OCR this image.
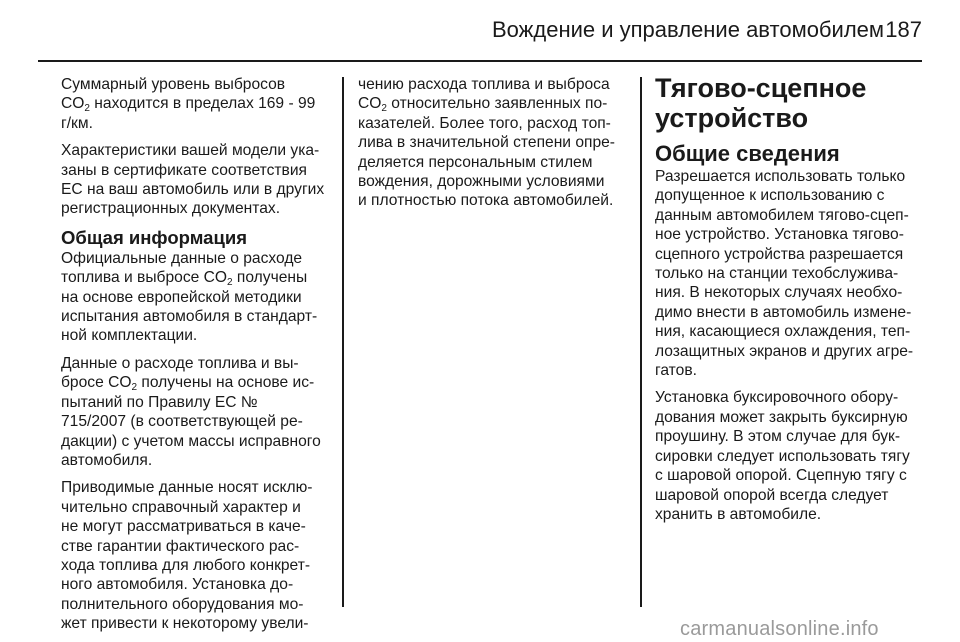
Вождение и управление автомобилем 187

Суммарный уровень выбросов
$CO_2$ находится в пределах 169 - 99
г/км.

Характеристики вашей модели ука-
заны в сертификате соответствия
ЕС на ваш автомобиль или в других
регистрационных документах.

Общая информация

Официальные данные о расходе
топлива и выбросе $CO_2$ получены
на основе европейской методики
испытания автомобиля в стандарт-
ной комплектации.

Данные о расходе топлива и вы-
бросе $CO_2$ получены на основе ис-
пытаний по Правилу ЕС №
715/2007 (в соответствующей ре-
дакции) с учетом массы исправного
автомобиля.

Приводимые данные носят исклю-
чительно справочный характер и
не могут рассматриваться в каче-
стве гарантии фактического рас-
хода топлива для любого конкрет-
ного автомобиля. Установка до-
полнительного оборудования мо-
жет привести к некоторому увели-

чению расхода топлива и выброса
$CO_2$ относительно заявленных по-
казателей. Более того, расход топ-
лива в значительной степени опре-
деляется персональным стилем
вождения, дорожными условиями
и плотностью потока автомобилей.

Тягово-сцепное
устройство
Общие сведения

Разрешается использовать только
допущенное к использованию с
данным автомобилем тягово-сцеп-
ное устройство. Установка тягово-
сцепного устройства разрешается
только на станции техобслужива-
ния. В некоторых случаях необхо-
димо внести в автомобиль измене-
ния, касающиеся охлаждения, теп-
лозащитных экранов и других агре-
гатов.

Установка буксировочного обору-
дования может закрыть буксирную
проушину. В этом случае для бук-
сировки следует использовать тягу
с шаровой опорой. Сцепную тягу с
шаровой опорой всегда следует
хранить в автомобиле.

carmanualsonline.info
